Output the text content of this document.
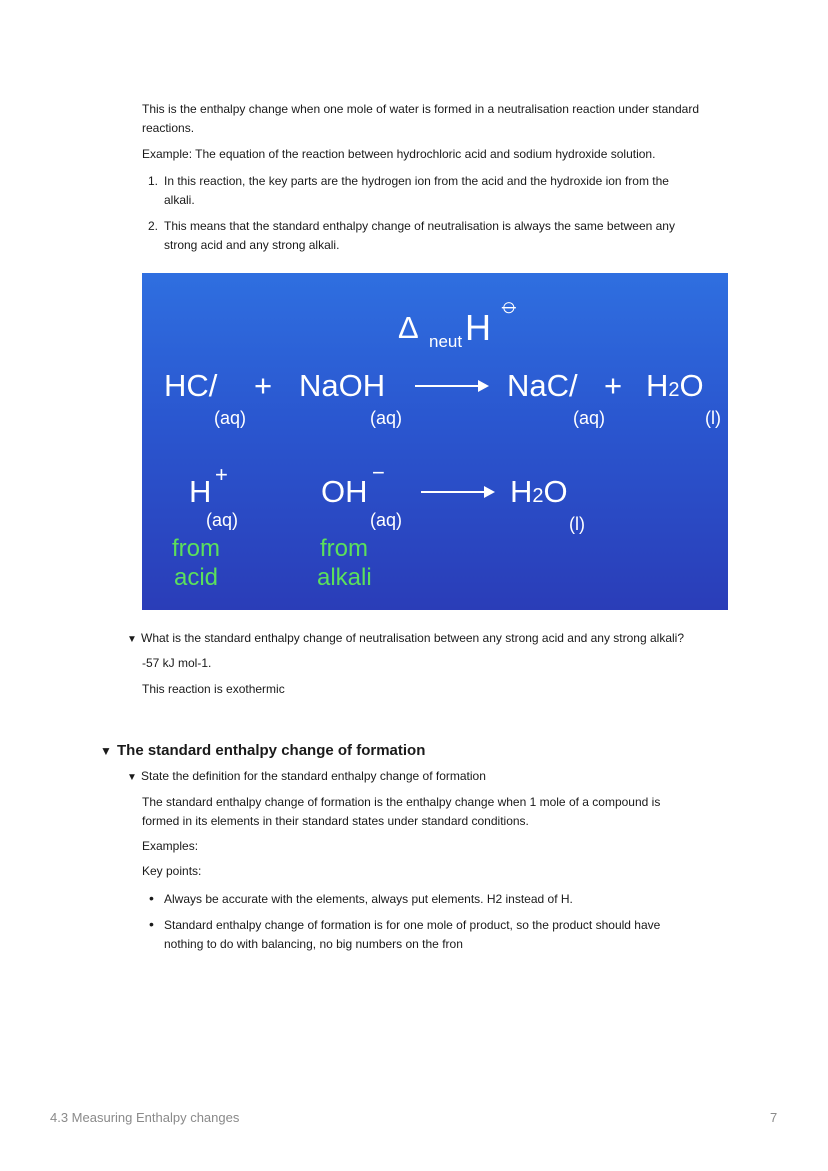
This is the enthalpy change when one mole of water is formed in a neutralisation reaction under standard reactions.
Example: The equation of the reaction between hydrochloric acid and sodium hydroxide solution.
1. In this reaction, the key parts are the hydrogen ion from the acid and the hydroxide ion from the
alkali.
2. This means that the standard enthalpy change of neutralisation is always the same between any
strong acid and any strong alkali.
Δ neut H
⦵
HC/ + NaOH	NaC/ + H2O
(aq)	(aq)	(aq)	(l)
H +	OH
−
H2O
(aq)	(aq)	(l)
from
acid
from
alkali
▼ What is the standard enthalpy change of neutralisation between any strong acid and any strong alkali?
-57 kJ mol-1.
This reaction is exothermic
▼ The standard enthalpy change of formation
▼ State the definition for the standard enthalpy change of formation
The standard enthalpy change of formation is the enthalpy change when 1 mole of a compound is
formed in its elements in their standard states under standard conditions.
Examples:
Key points:
• Always be accurate with the elements, always put elements. H2 instead of H.
• Standard enthalpy change of formation is for one mole of product, so the product should have
nothing to do with balancing, no big numbers on the fron
4.3 Measuring Enthalpy changes	7
